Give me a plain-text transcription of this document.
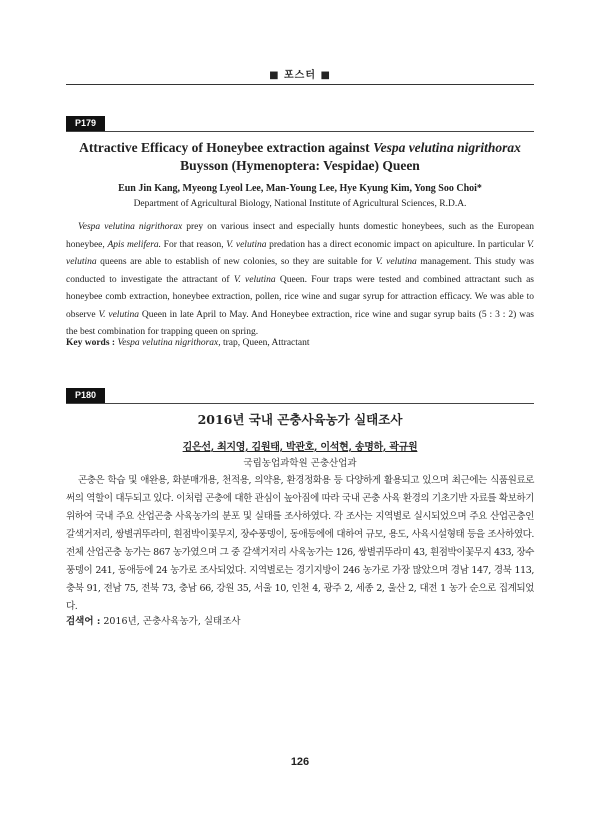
■ 포스터 ■
P179
Attractive Efficacy of Honeybee extraction against Vespa velutina nigrithorax Buysson (Hymenoptera: Vespidae) Queen
Eun Jin Kang, Myeong Lyeol Lee, Man-Young Lee, Hye Kyung Kim, Yong Soo Choi*
Department of Agricultural Biology, National Institute of Agricultural Sciences, R.D.A.

Vespa velutina nigrithorax prey on various insect and especially hunts domestic honeybees, such as the European honeybee, Apis melifera. For that reason, V. velutina predation has a direct economic impact on apiculture. In particular V. velutina queens are able to establish of new colonies, so they are suitable for V. velutina management. This study was conducted to investigate the attractant of V. velutina Queen. Four traps were tested and combined attractant such as honeybee comb extraction, honeybee extraction, pollen, rice wine and sugar syrup for attraction efficacy. We was able to observe V. velutina Queen in late April to May. And Honeybee extraction, rice wine and sugar syrup baits (5 : 3 : 2) was the best combination for trapping queen on spring.

Key words : Vespa velutina nigrithorax, trap, Queen, Attractant
P180
2016년 국내 곤충사육농가 실태조사
김은선, 최지영, 김원태, 박관호, 이석현, 송명하, 곽규원
국립농업과학원 곤충산업과

곤충은 학습 및 애완용, 화분매개용, 천적용, 의약용, 환경정화용 등 다양하게 활용되고 있으며 최근에는 식품원료로써의 역할이 대두되고 있다. 이처럼 곤충에 대한 관심이 높아짐에 따라 국내 곤충 사육 환경의 기초기반 자료를 확보하기 위하여 국내 주요 산업곤충 사육농가의 분포 및 실태를 조사하였다. 각 조사는 지역별로 실시되었으며 주요 산업곤충인 갈색거저리, 쌍별귀뚜라미, 흰점박이꽃무지, 장수풍뎅이, 동애등에에 대하여 규모, 용도, 사육시설형태 등을 조사하였다. 전체 산업곤충 농가는 867 농가였으며 그 중 갈색거저리 사육농가는 126, 쌍별귀뚜라미 43, 흰점박이꽃무지 433, 장수풍뎅이 241, 동애등에 24 농가로 조사되었다. 지역별로는 경기지방이 246 농가로 가장 많았으며 경남 147, 경북 113, 충북 91, 전남 75, 전북 73, 충남 66, 강원 35, 서울 10, 인천 4, 광주 2, 세종 2, 울산 2, 대전 1 농가 순으로 집계되었다.

검색어 : 2016년, 곤충사육농가, 실태조사
126
